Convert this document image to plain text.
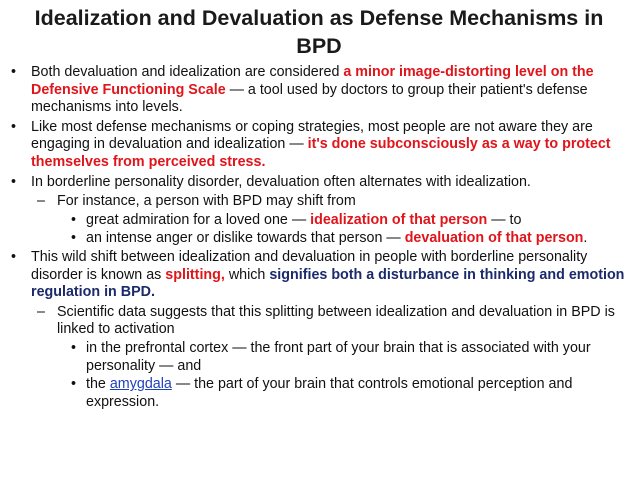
Idealization and Devaluation as Defense Mechanisms in
BPD
• Both devaluation and idealization are considered a minor image-distorting level on the Defensive Functioning Scale — a tool used by doctors to group their patient's defense mechanisms into levels.
• Like most defense mechanisms or coping strategies, most people are not aware they are engaging in devaluation and idealization — it's done subconsciously as a way to protect themselves from perceived stress.
• In borderline personality disorder, devaluation often alternates with idealization.
– For instance, a person with BPD may shift from
• great admiration for a loved one — idealization of that person — to
• an intense anger or dislike towards that person — devaluation of that person.
• This wild shift between idealization and devaluation in people with borderline personality disorder is known as splitting, which signifies both a disturbance in thinking and emotion regulation in BPD.
– Scientific data suggests that this splitting between idealization and devaluation in BPD is linked to activation
• in the prefrontal cortex — the front part of your brain that is associated with your personality — and
• the amygdala — the part of your brain that controls emotional perception and expression.
